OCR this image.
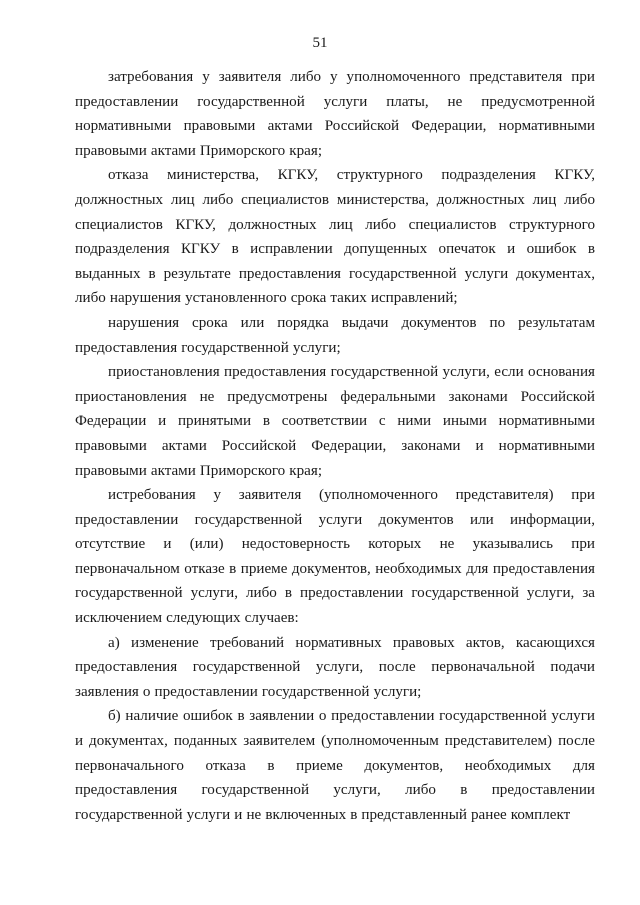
51

затребования у заявителя либо у уполномоченного представителя при предоставлении государственной услуги платы, не предусмотренной нормативными правовыми актами Российской Федерации, нормативными правовыми актами Приморского края;

отказа министерства, КГКУ, структурного подразделения КГКУ, должностных лиц либо специалистов министерства, должностных лиц либо специалистов КГКУ, должностных лиц либо специалистов структурного подразделения КГКУ в исправлении допущенных опечаток и ошибок в выданных в результате предоставления государственной услуги документах, либо нарушения установленного срока таких исправлений;

нарушения срока или порядка выдачи документов по результатам предоставления государственной услуги;

приостановления предоставления государственной услуги, если основания приостановления не предусмотрены федеральными законами Российской Федерации и принятыми в соответствии с ними иными нормативными правовыми актами Российской Федерации, законами и нормативными правовыми актами Приморского края;

истребования у заявителя (уполномоченного представителя) при предоставлении государственной услуги документов или информации, отсутствие и (или) недостоверность которых не указывались при первоначальном отказе в приеме документов, необходимых для предоставления государственной услуги, либо в предоставлении государственной услуги, за исключением следующих случаев:

а) изменение требований нормативных правовых актов, касающихся предоставления государственной услуги, после первоначальной подачи заявления о предоставлении государственной услуги;

б) наличие ошибок в заявлении о предоставлении государственной услуги и документах, поданных заявителем (уполномоченным представителем) после первоначального отказа в приеме документов, необходимых для предоставления государственной услуги, либо в предоставлении государственной услуги и не включенных в представленный ранее комплект
